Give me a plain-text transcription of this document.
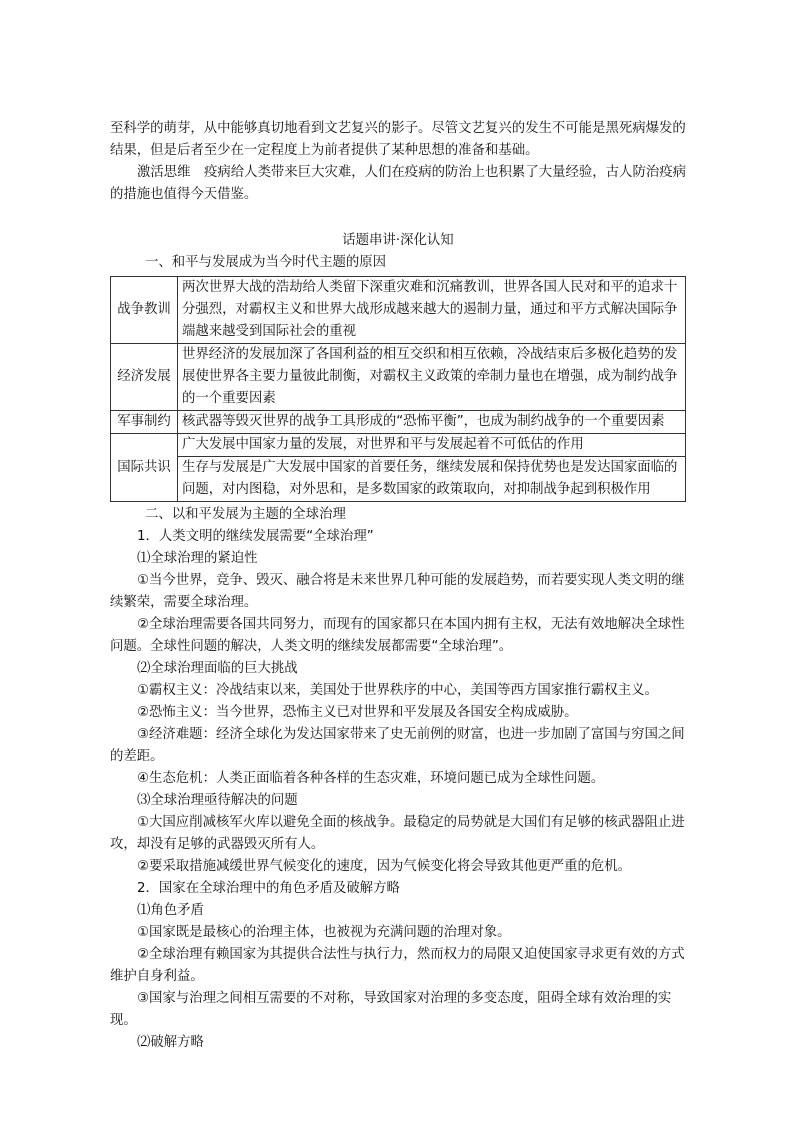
至科学的萌芽，从中能够真切地看到文艺复兴的影子。尽管文艺复兴的发生不可能是黑死病爆发的结果，但是后者至少在一定程度上为前者提供了某种思想的准备和基础。

激活思维　疫病给人类带来巨大灾难，人们在疫病的防治上也积累了大量经验，古人防治疫病的措施也值得今天借鉴。

话题串讲·深化认知

一、和平与发展成为当今时代主题的原因

战争教训	两次世界大战的浩劫给人类留下深重灾难和沉痛教训，世界各国人民对和平的追求十分强烈，对霸权主义和世界大战形成越来越大的遏制力量，通过和平方式解决国际争端越来越受到国际社会的重视
经济发展	世界经济的发展加深了各国利益的相互交织和相互依赖，冷战结束后多极化趋势的发展使世界各主要力量彼此制衡，对霸权主义政策的牵制力量也在增强，成为制约战争的一个重要因素
军事制约	核武器等毁灭世界的战争工具形成的“恐怖平衡”，也成为制约战争的一个重要因素
国际共识	广大发展中国家力量的发展，对世界和平与发展起着不可低估的作用
	生存与发展是广大发展中国家的首要任务，继续发展和保持优势也是发达国家面临的问题，对内图稳，对外思和，是多数国家的政策取向，对抑制战争起到积极作用

二、以和平发展为主题的全球治理

1．人类文明的继续发展需要“全球治理”

⑴全球治理的紧迫性

①当今世界，竞争、毁灭、融合将是未来世界几种可能的发展趋势，而若要实现人类文明的继续繁荣，需要全球治理。

②全球治理需要各国共同努力，而现有的国家都只在本国内拥有主权，无法有效地解决全球性问题。全球性问题的解决，人类文明的继续发展都需要“全球治理”。

⑵全球治理面临的巨大挑战

①霸权主义：冷战结束以来，美国处于世界秩序的中心，美国等西方国家推行霸权主义。

②恐怖主义：当今世界，恐怖主义已对世界和平发展及各国安全构成威胁。

③经济难题：经济全球化为发达国家带来了史无前例的财富，也进一步加剧了富国与穷国之间的差距。

④生态危机：人类正面临着各种各样的生态灾难，环境问题已成为全球性问题。

⑶全球治理亟待解决的问题

①大国应削减核军火库以避免全面的核战争。最稳定的局势就是大国们有足够的核武器阻止进攻，却没有足够的武器毁灭所有人。

②要采取措施减缓世界气候变化的速度，因为气候变化将会导致其他更严重的危机。

2．国家在全球治理中的角色矛盾及破解方略

⑴角色矛盾

①国家既是最核心的治理主体，也被视为充满问题的治理对象。

②全球治理有赖国家为其提供合法性与执行力，然而权力的局限又迫使国家寻求更有效的方式维护自身利益。

③国家与治理之间相互需要的不对称，导致国家对治理的多变态度，阻碍全球有效治理的实现。

⑵破解方略
